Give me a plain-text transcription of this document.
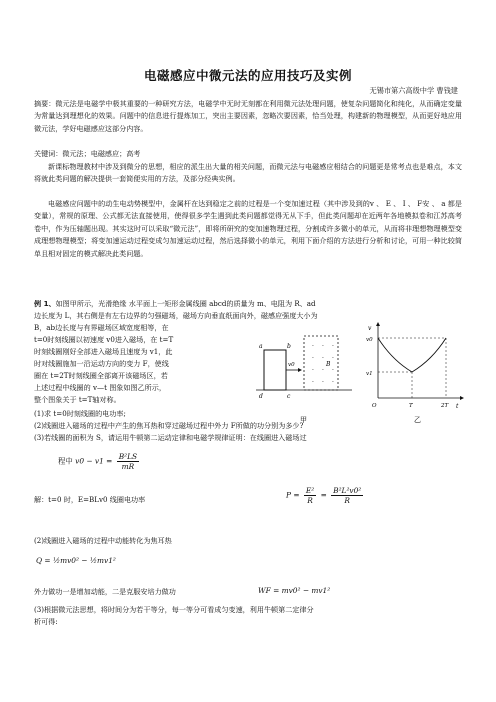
电磁感应中微元法的应用技巧及实例
无锡市第六高级中学 曹钱建
摘要：微元法是电磁学中极其重要的一种研究方法，电磁学中无时无刻都在利用微元法处理问题，使复杂问题简化和纯化，从而确定变量为常量达到理想化的效果。问题中的信息进行提炼加工，突出主要因素，忽略次要因素，恰当处理，构建新的物理模型，从而更好地应用微元法，学好电磁感应这部分内容。
关键词：微元法；电磁感应；高考
新课标物理教材中涉及到微分的思想，相应的派生出大量的相关问题，而微元法与电磁感应相结合的问题更是常考点也是难点，本文将就此类问题的解决提供一套简便实用的方法，及部分经典实例。
电磁感应问题中的动生电动势模型中，金属杆在达到稳定之前的过程是一个变加速过程（其中涉及到的v 、 E 、 I 、 F安 、 a 都是变量），常规的原理、公式都无法直接使用，使得很多学生遇到此类问题都觉得无从下手，但此类问题却在近两年各地模拟卷和江苏高考卷中，作为压轴题出现。其实这时可以采取“微元法”，即将所研究的变加速物理过程，分割成许多微小的单元，从而将非理想物理模型变成理想物理模型；将变加速运动过程变成匀加速运动过程，然后选择微小的单元，利用下面介绍的方法进行分析和讨论，可用一种比较简单且相对固定的模式解决此类问题。
例 1、如图甲所示，光滑绝缘 水平面上一矩形金属线圈 abcd的质量为 m、电阻为 R、ad
边长度为 L，其右侧是有左右边界的匀强磁场，磁场方向垂直纸面向外，磁感应强度大小为
B，ab边长度与有界磁场区域宽度相等，在
t=0时刻线圈以初速度 v0进入磁场，在 t=T
时刻线圈刚好全部进入磁场且速度为 v1，此
时对线圈施加一沿运动方向的变力 F，使线
圈在 t=2T时刻线圈全部离开该磁场区，若
上述过程中线圈的 v—t 图象如图乙所示，
整个图象关于 t=T轴对称。
· · ·
· · ·
· · ·
· · ·
a	b
c
d
B
v0
甲
v
t
v0
v1
O	T	2T
乙
(1)求 t=0时刻线圈的电功率;
(2)线圈进入磁场的过程中产生的焦耳热和穿过磁场过程中外力 F所做的功分别为多少?
(3)若线圈的面积为 S，请运用牛顿第二运动定律和电磁学规律证明：在线圈进入磁场过
程中 $v0 - v1 = \frac{\text{B²LS}}{mR}$
解：t=0 时，E=BLv0 线圈电功率	$P = \frac{\text{E²}}{R} = \frac{\text{B²L²v0²}}{R}$
(2)线圈进入磁场的过程中动能转化为焦耳热
Q = ½mv0² − ½mv1²
外力做功一是增加动能，二是克服安培力做功	WF = mv0² − mv1²
(3)根据微元法思想，将时间分为若干等分，每一等分可看成匀变速，利用牛顿第二定律分
析可得:
